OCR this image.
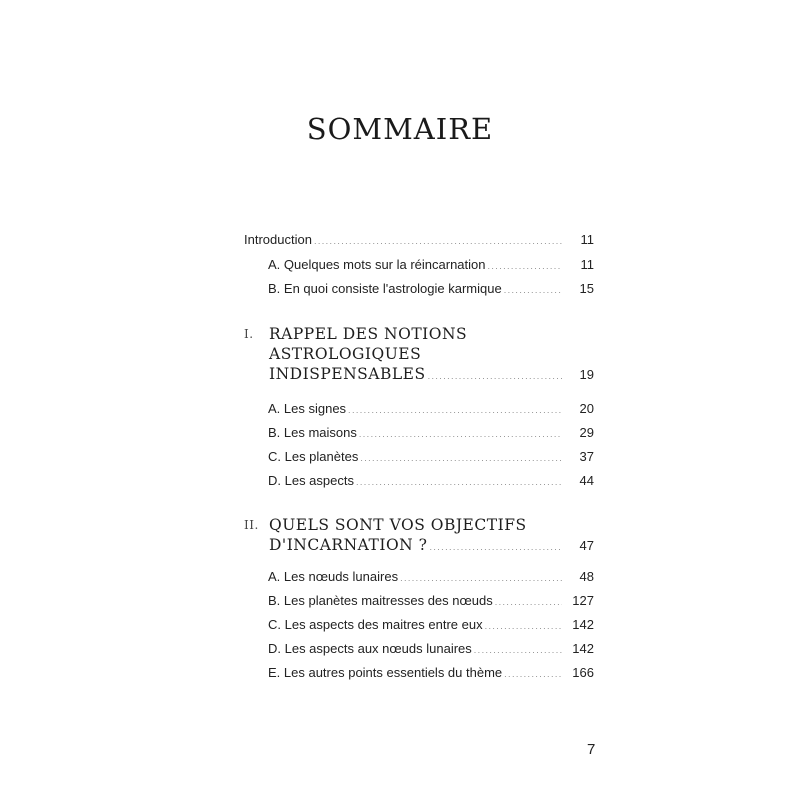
SOMMAIRE
Introduction .....	11
A. Quelques mots sur la réincarnation .....	11
B. En quoi consiste l'astrologie karmique .....	15
I. RAPPEL DES NOTIONS
ASTROLOGIQUES
INDISPENSABLES .....	19
A. Les signes .....	20
B. Les maisons .....	29
C. Les planètes .....	37
D. Les aspects .....	44
II. QUELS SONT VOS OBJECTIFS
D'INCARNATION ? .....	47
A. Les nœuds lunaires .....	48
B. Les planètes maitresses des nœuds .....	127
C. Les aspects des maitres entre eux .....	142
D. Les aspects aux nœuds lunaires .....	142
E. Les autres points essentiels du thème .....	166
7
